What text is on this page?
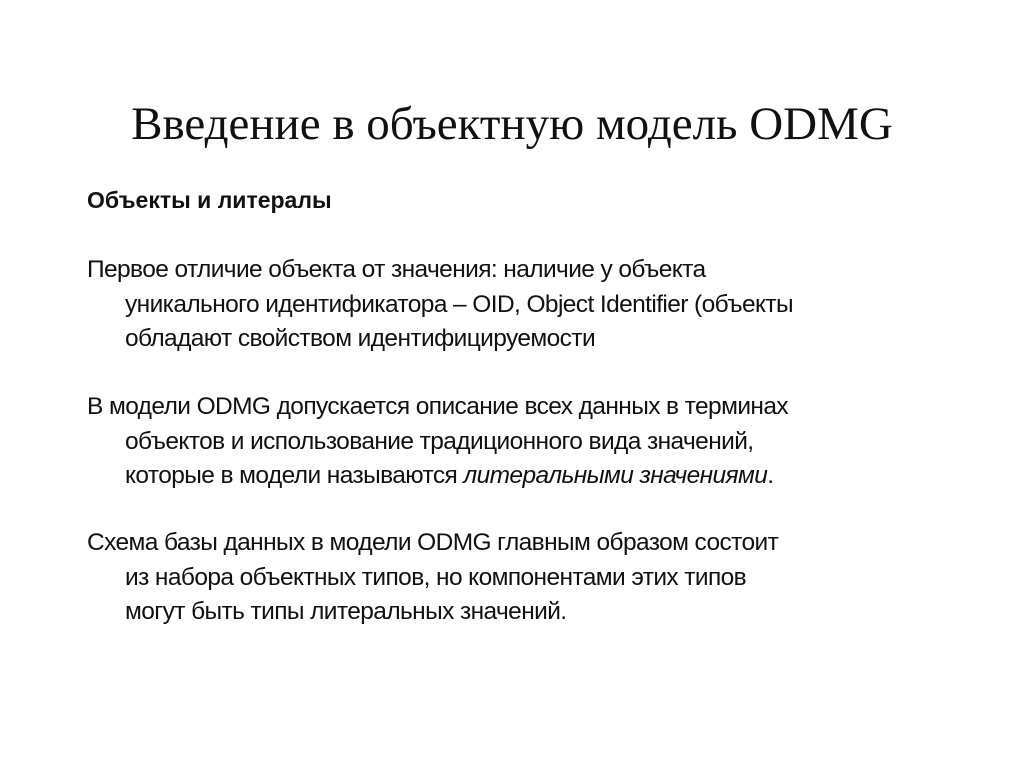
Введение в объектную модель ODMG
Объекты и литералы

Первое отличие объекта от значения: наличие у объекта
уникального идентификатора – OID, Object Identifier (объекты
обладают свойством идентифицируемости

В модели ODMG допускается описание всех данных в терминах
объектов и использование традиционного вида значений,
которые в модели называются литеральными значениями.

Схема базы данных в модели ODMG главным образом состоит
из набора объектных типов, но компонентами этих типов
могут быть типы литеральных значений.
